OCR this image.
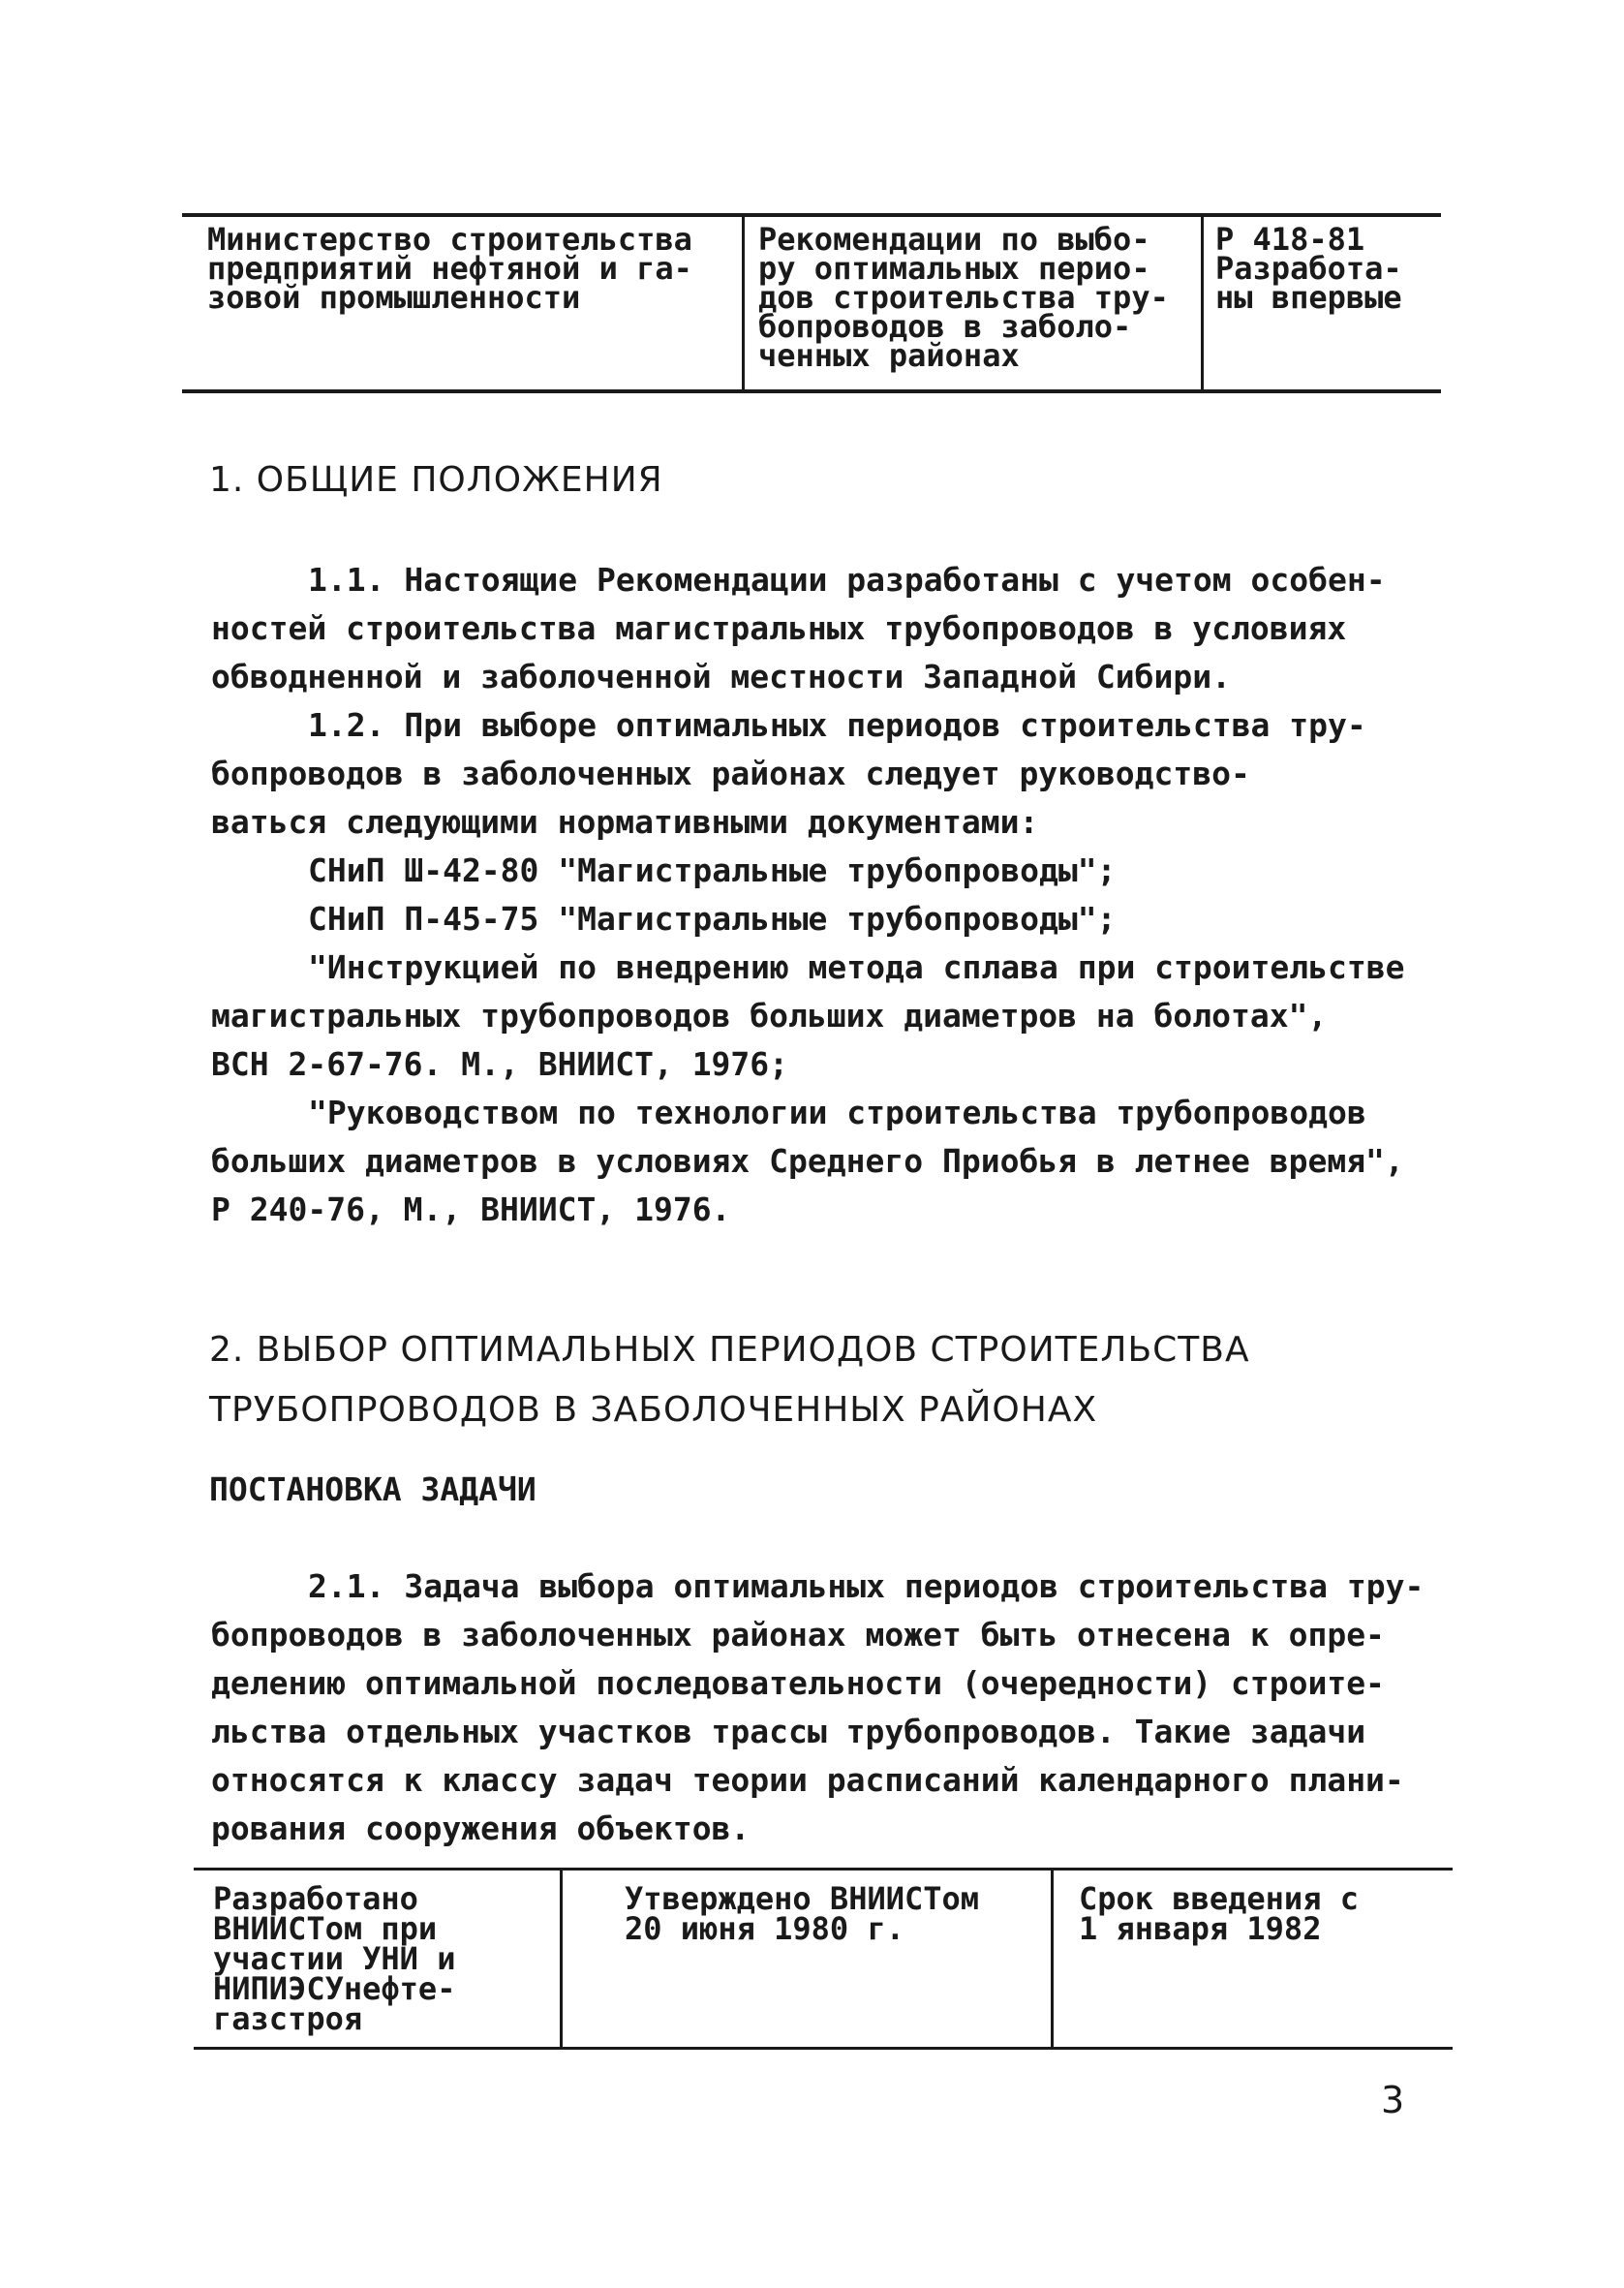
Министерство строительства
предприятий нефтяной и га-
зовой промышленности
Рекомендации по выбо-
ру оптимальных перио-
дов строительства тру-
бопроводов в заболо-
ченных районах
Р 418-81
Разработа-
ны впервые
1. ОБЩИЕ ПОЛОЖЕНИЯ
1.1. Настоящие Рекомендации разработаны с учетом особен-
ностей строительства магистральных трубопроводов в условиях
обводненной и заболоченной местности Западной Сибири.
1.2. При выборе оптимальных периодов строительства тру-
бопроводов в заболоченных районах следует руководство-
ваться следующими нормативными документами:
СНиП Ш-42-80 "Магистральные трубопроводы";
СНиП П-45-75 "Магистральные трубопроводы";
"Инструкцией по внедрению метода сплава при строительстве
магистральных трубопроводов больших диаметров на болотах",
ВСН 2-67-76. М., ВНИИСТ, 1976;
"Руководством по технологии строительства трубопроводов
больших диаметров в условиях Среднего Приобья в летнее время",
Р 240-76, М., ВНИИСТ, 1976.
2. ВЫБОР ОПТИМАЛЬНЫХ ПЕРИОДОВ СТРОИТЕЛЬСТВА
ТРУБОПРОВОДОВ В ЗАБОЛОЧЕННЫХ РАЙОНАХ
ПОСТАНОВКА ЗАДАЧИ
2.1. Задача выбора оптимальных периодов строительства тру-
бопроводов в заболоченных районах может быть отнесена к опре-
делению оптимальной последовательности (очередности) строите-
льства отдельных участков трассы трубопроводов. Такие задачи
относятся к классу задач теории расписаний календарного плани-
рования сооружения объектов.
Разработано
ВНИИСТом при
участии УНИ и
НИПИЭСУнефте-
газстроя
Утверждено ВНИИСТом
20 июня 1980 г.
Срок введения с
1 января 1982

3
